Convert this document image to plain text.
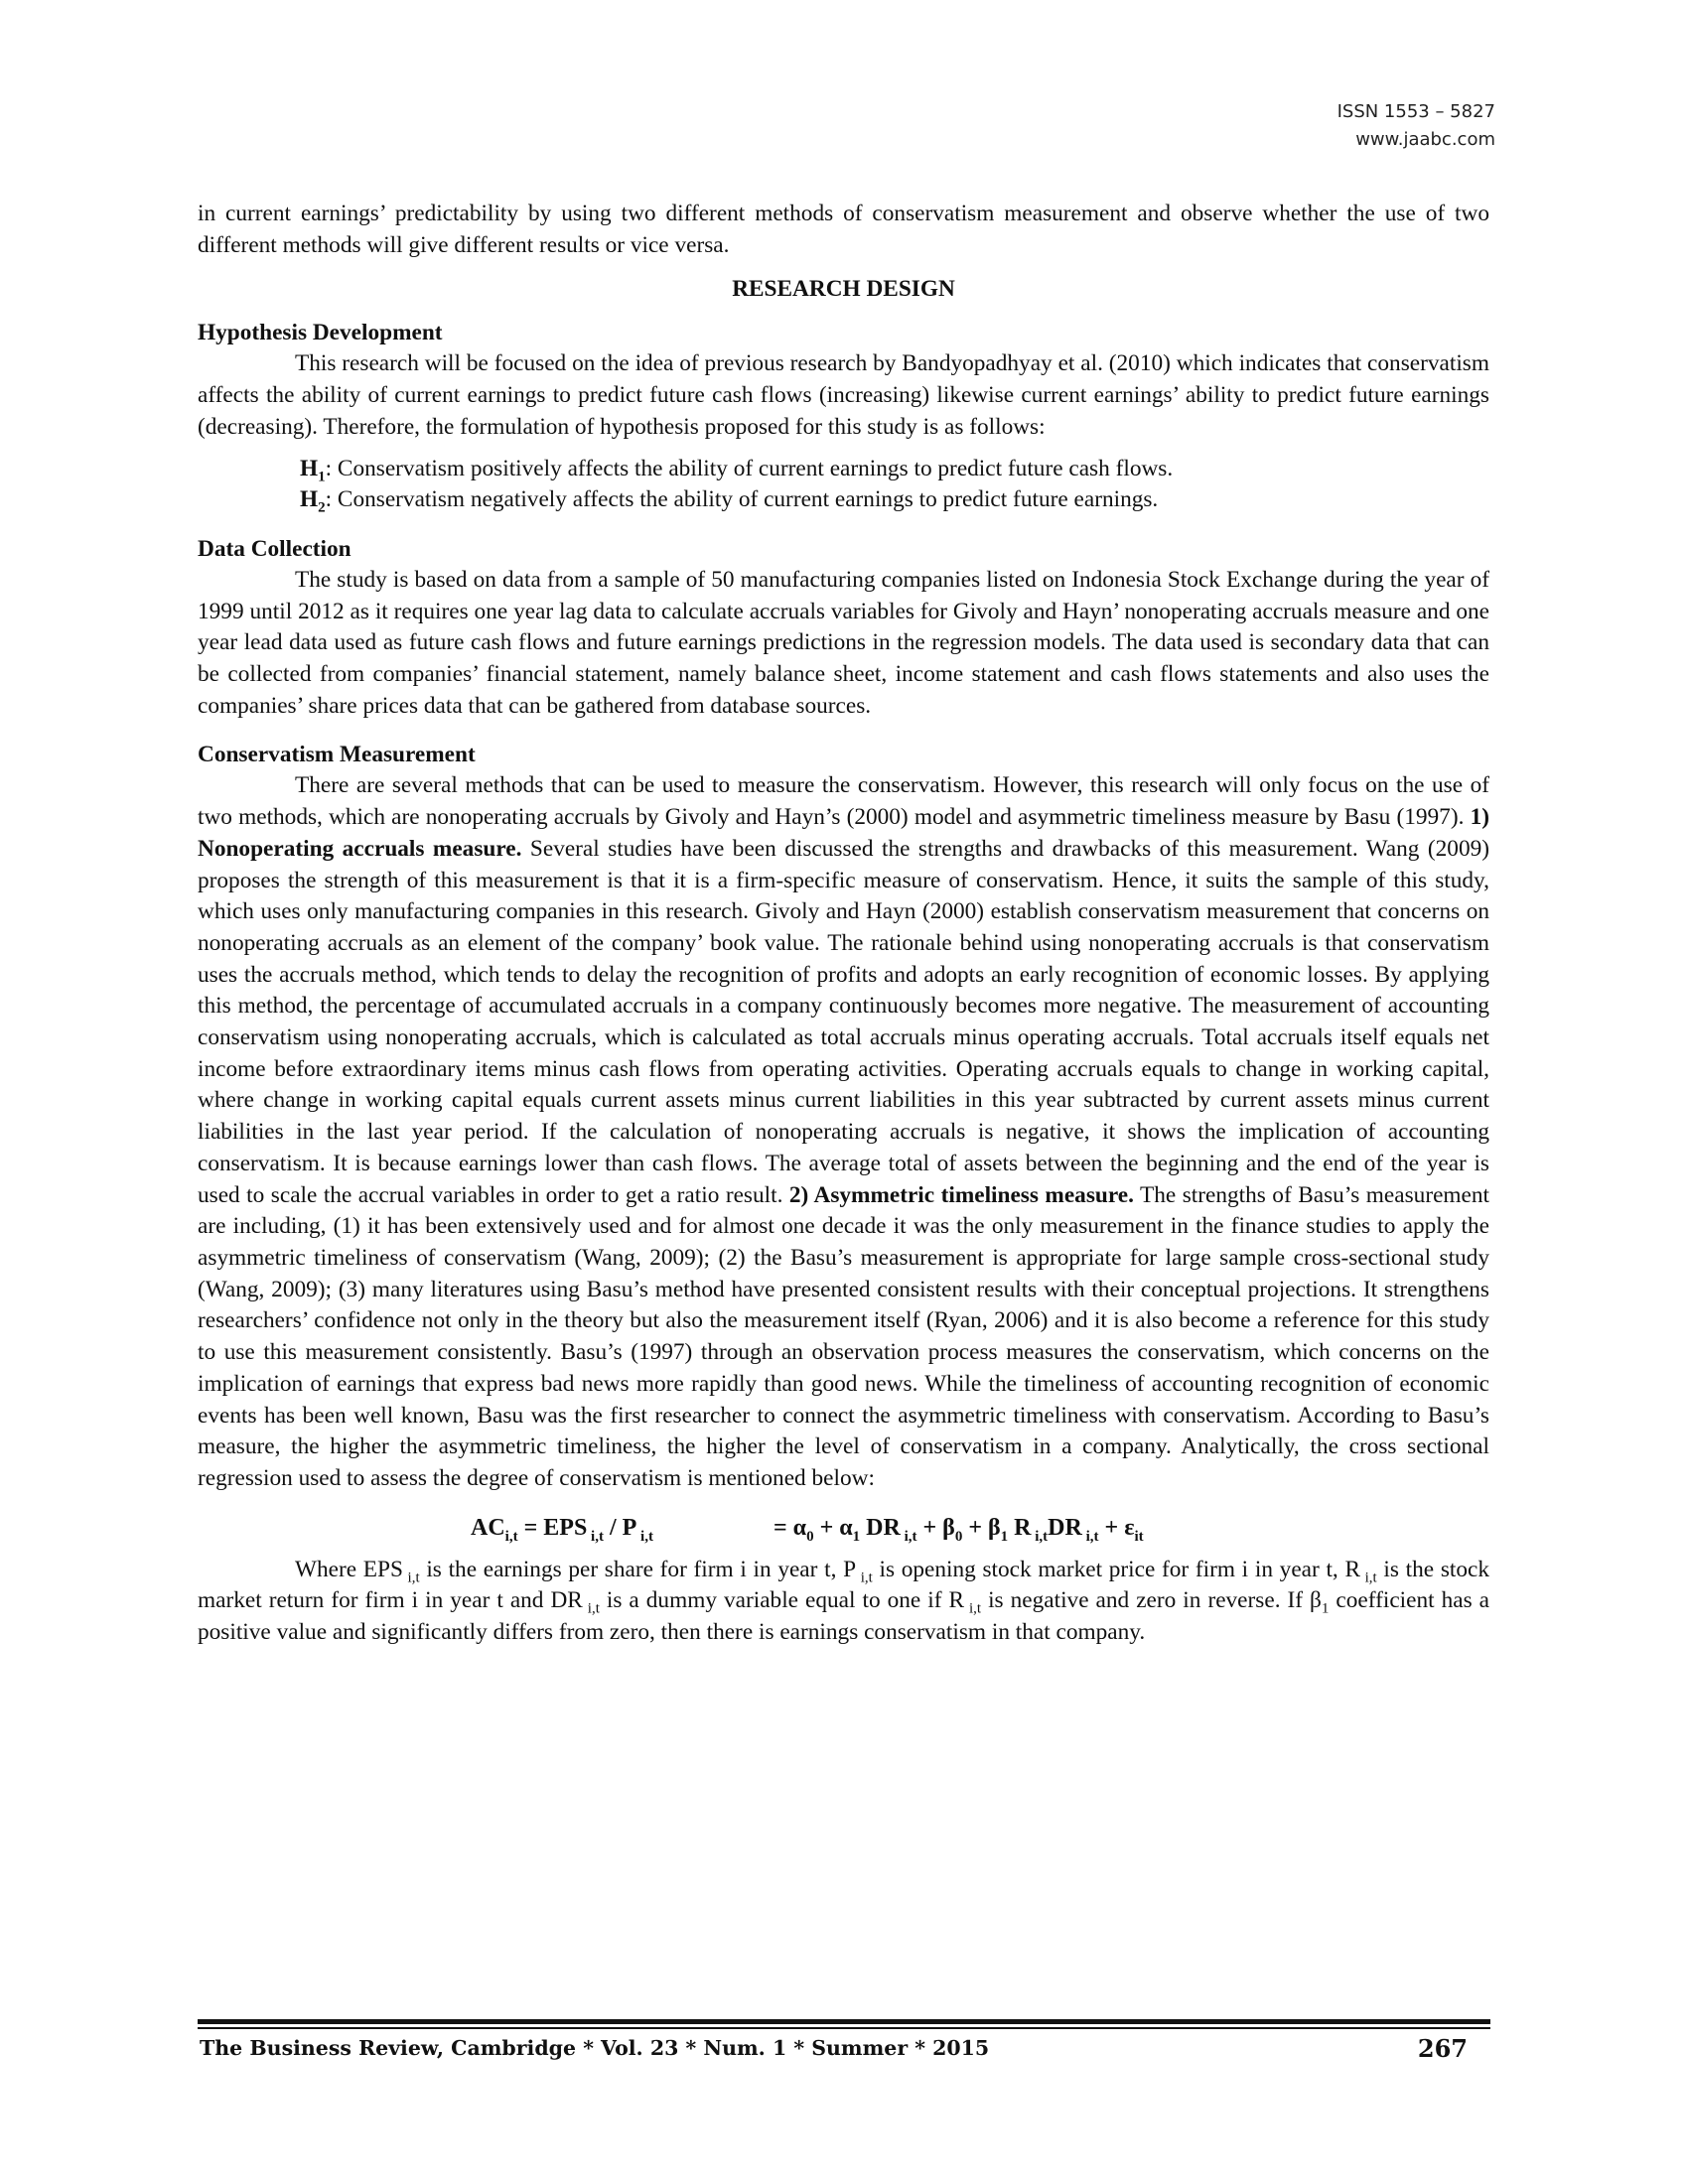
ISSN 1553 – 5827
www.jaabc.com

in current earnings’ predictability by using two different methods of conservatism measurement and observe whether the use of two different methods will give different results or vice versa.

RESEARCH DESIGN
Hypothesis Development

This research will be focused on the idea of previous research by Bandyopadhyay et al. (2010) which indicates that conservatism affects the ability of current earnings to predict future cash flows (increasing) likewise current earnings’ ability to predict future earnings (decreasing). Therefore, the formulation of hypothesis proposed for this study is as follows:

$H_1$: Conservatism positively affects the ability of current earnings to predict future cash flows.
$H_2$: Conservatism negatively affects the ability of current earnings to predict future earnings.
Data Collection

The study is based on data from a sample of 50 manufacturing companies listed on Indonesia Stock Exchange during the year of 1999 until 2012 as it requires one year lag data to calculate accruals variables for Givoly and Hayn’ nonoperating accruals measure and one year lead data used as future cash flows and future earnings predictions in the regression models. The data used is secondary data that can be collected from companies’ financial statement, namely balance sheet, income statement and cash flows statements and also uses the companies’ share prices data that can be gathered from database sources.

Conservatism Measurement

There are several methods that can be used to measure the conservatism. However, this research will only focus on the use of two methods, which are nonoperating accruals by Givoly and Hayn’s (2000) model and asymmetric timeliness measure by Basu (1997). 1) Nonoperating accruals measure. Several studies have been discussed the strengths and drawbacks of this measurement. Wang (2009) proposes the strength of this measurement is that it is a firm-specific measure of conservatism. Hence, it suits the sample of this study, which uses only manufacturing companies in this research. Givoly and Hayn (2000) establish conservatism measurement that concerns on nonoperating accruals as an element of the company’ book value. The rationale behind using nonoperating accruals is that conservatism uses the accruals method, which tends to delay the recognition of profits and adopts an early recognition of economic losses. By applying this method, the percentage of accumulated accruals in a company continuously becomes more negative. The measurement of accounting conservatism using nonoperating accruals, which is calculated as total accruals minus operating accruals. Total accruals itself equals net income before extraordinary items minus cash flows from operating activities. Operating accruals equals to change in working capital, where change in working capital equals current assets minus current liabilities in this year subtracted by current assets minus current liabilities in the last year period. If the calculation of nonoperating accruals is negative, it shows the implication of accounting conservatism. It is because earnings lower than cash flows. The average total of assets between the beginning and the end of the year is used to scale the accrual variables in order to get a ratio result. 2) Asymmetric timeliness measure. The strengths of Basu’s measurement are including, (1) it has been extensively used and for almost one decade it was the only measurement in the finance studies to apply the asymmetric timeliness of conservatism (Wang, 2009); (2) the Basu’s measurement is appropriate for large sample cross-sectional study (Wang, 2009); (3) many literatures using Basu’s method have presented consistent results with their conceptual projections. It strengthens researchers’ confidence not only in the theory but also the measurement itself (Ryan, 2006) and it is also become a reference for this study to use this measurement consistently. Basu’s (1997) through an observation process measures the conservatism, which concerns on the implication of earnings that express bad news more rapidly than good news. While the timeliness of accounting recognition of economic events has been well known, Basu was the first researcher to connect the asymmetric timeliness with conservatism. According to Basu’s measure, the higher the asymmetric timeliness, the higher the level of conservatism in a company. Analytically, the cross sectional regression used to assess the degree of conservatism is mentioned below:

$AC_{i,t}$ = EPS $_{i,t}$ / P $_{i,t}$	= $\alpha_0 + \alpha_1$ DR $_{i,t} + \beta_0 + \beta_1$ R $_{i,t}$DR $_{i,t} + \varepsilon_{it}$

Where EPS $_{i,t}$ is the earnings per share for firm i in year t, P $_{i,t}$ is opening stock market price for firm i in year t, R $_{i,t}$ is the stock market return for firm i in year t and DR $_{i,t}$ is a dummy variable equal to one if R $_{i,t}$ is negative and zero in reverse. If $\beta_1$ coefficient has a positive value and significantly differs from zero, then there is earnings conservatism in that company.

The Business Review, Cambridge * Vol. 23 * Num. 1 * Summer * 2015	267
